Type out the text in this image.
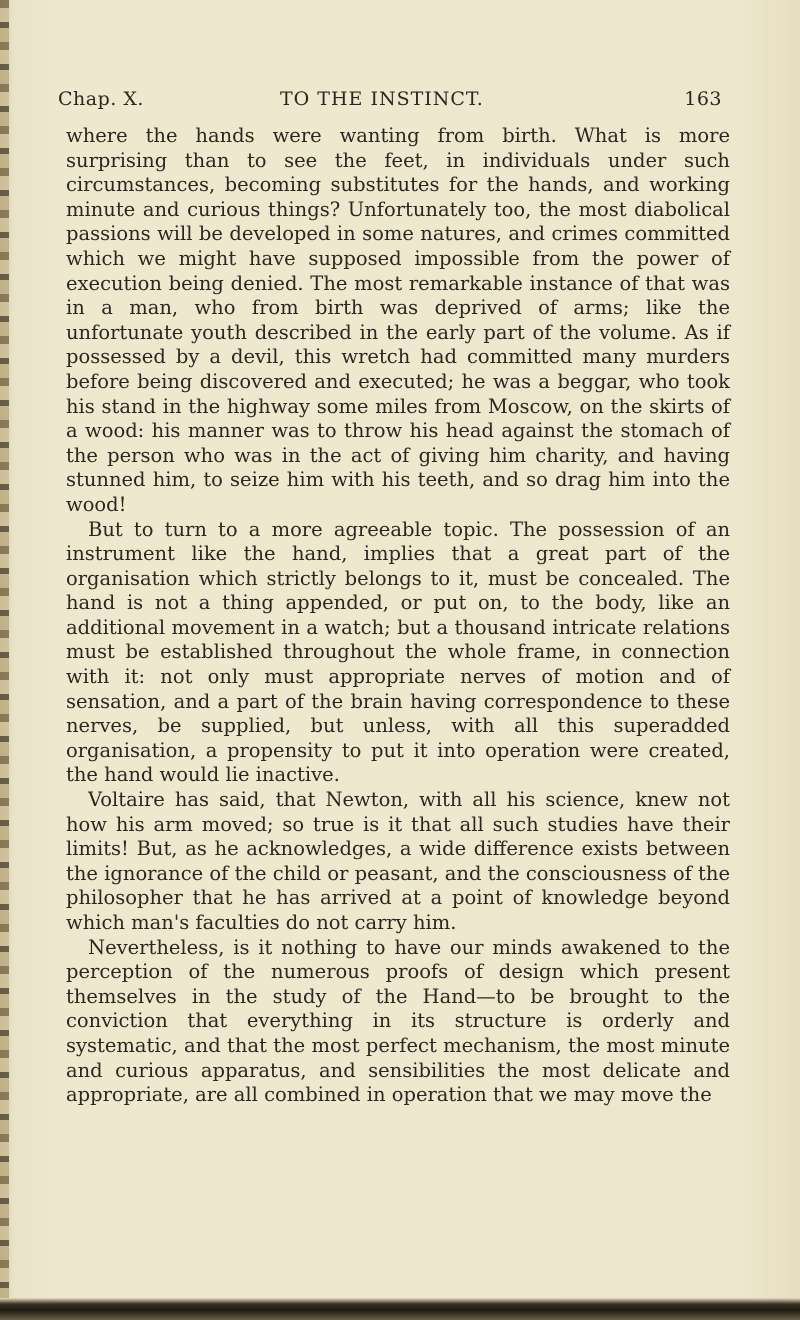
Chap. X.	TO THE INSTINCT.	163

where the hands were wanting from birth. What is more surprising than to see the feet, in individuals under such circumstances, becoming substitutes for the hands, and working minute and curious things? Unfortunately too, the most diabolical passions will be developed in some natures, and crimes committed which we might have supposed impossible from the power of execution being denied. The most remarkable instance of that was in a man, who from birth was deprived of arms; like the unfortunate youth described in the early part of the volume. As if possessed by a devil, this wretch had committed many murders before being discovered and executed; he was a beggar, who took his stand in the highway some miles from Moscow, on the skirts of a wood: his manner was to throw his head against the stomach of the person who was in the act of giving him charity, and having stunned him, to seize him with his teeth, and so drag him into the wood!

But to turn to a more agreeable topic. The possession of an instrument like the hand, implies that a great part of the organisation which strictly belongs to it, must be concealed. The hand is not a thing appended, or put on, to the body, like an additional movement in a watch; but a thousand intricate relations must be established throughout the whole frame, in connection with it: not only must appropriate nerves of motion and of sensation, and a part of the brain having correspondence to these nerves, be supplied, but unless, with all this superadded organisation, a propensity to put it into operation were created, the hand would lie inactive.

Voltaire has said, that Newton, with all his science, knew not how his arm moved; so true is it that all such studies have their limits! But, as he acknowledges, a wide difference exists between the ignorance of the child or peasant, and the consciousness of the philosopher that he has arrived at a point of knowledge beyond which man's faculties do not carry him.

Nevertheless, is it nothing to have our minds awakened to the perception of the numerous proofs of design which present themselves in the study of the Hand—to be brought to the conviction that everything in its structure is orderly and systematic, and that the most perfect mechanism, the most minute and curious apparatus, and sensibilities the most delicate and appropriate, are all combined in operation that we may move the
